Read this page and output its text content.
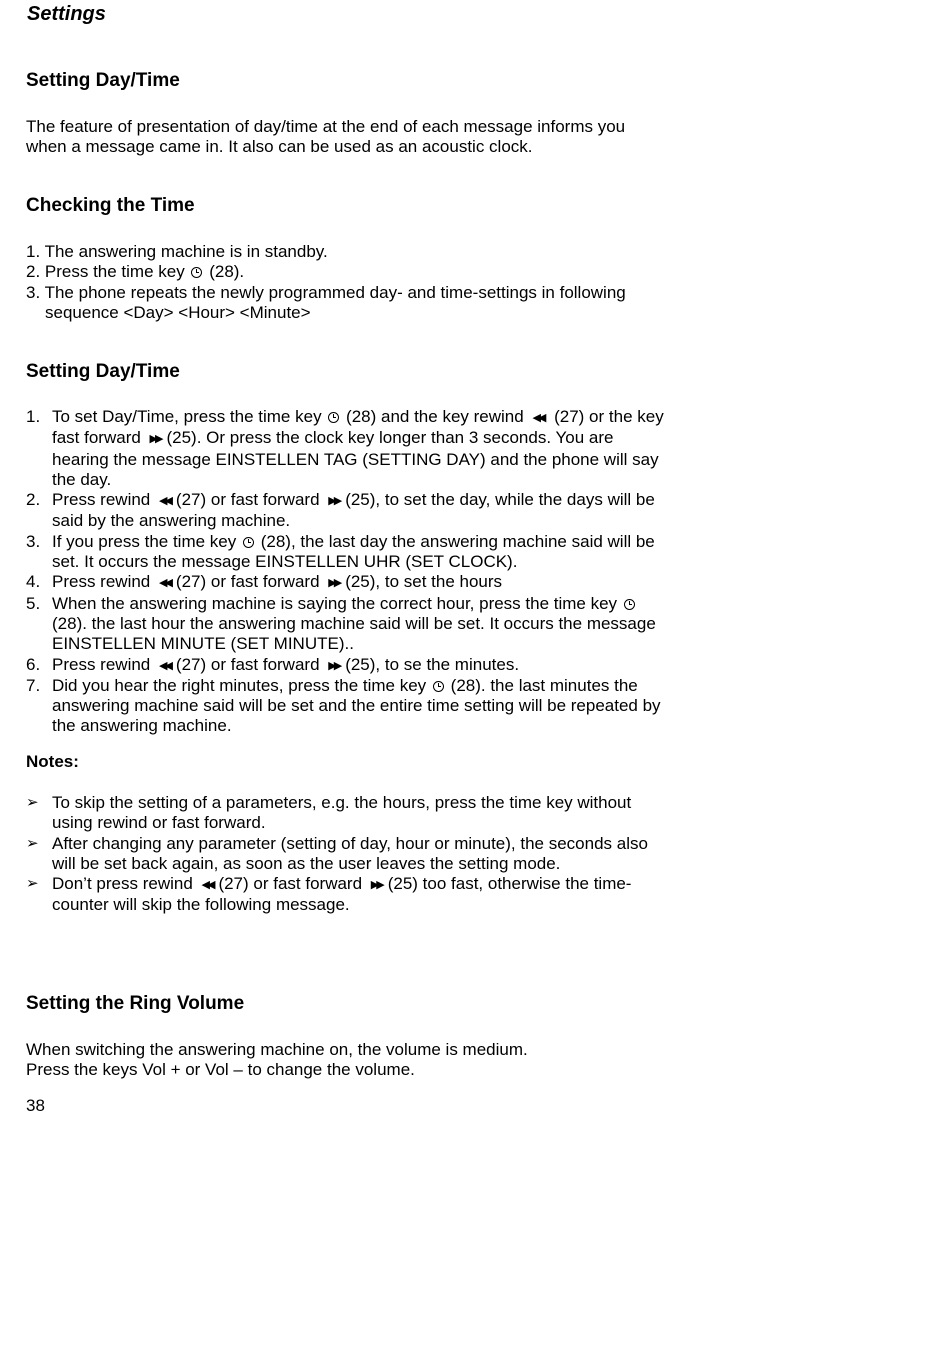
Settings
Setting Day/Time
The feature of presentation of day/time at the end of each message informs you
when a message came in. It also can be used as an acoustic clock.
Checking the Time
1. The answering machine is in standby.
2. Press the time key (28).
3. The phone repeats the newly programmed day- and time-settings in following
sequence <Day> <Hour> <Minute>
Setting Day/Time
1. To set Day/Time, press the time key (28) and the key rewind ◀◀ (27) or the key
fast forward ▶▶ (25). Or press the clock key longer than 3 seconds. You are
hearing the message EINSTELLEN TAG (SETTING DAY) and the phone will say
the day.
2. Press rewind ◀◀ (27) or fast forward ▶▶ (25), to set the day, while the days will be
said by the answering machine.
3. If you press the time key (28), the last day the answering machine said will be
set. It occurs the message EINSTELLEN UHR (SET CLOCK).
4. Press rewind ◀◀ (27) or fast forward ▶▶ (25), to set the hours
5. When the answering machine is saying the correct hour, press the time key
(28). the last hour the answering machine said will be set. It occurs the message
EINSTELLEN MINUTE (SET MINUTE)..
6. Press rewind ◀◀ (27) or fast forward ▶▶ (25), to se the minutes.
7. Did you hear the right minutes, press the time key (28). the last minutes the
answering machine said will be set and the entire time setting will be repeated by
the answering machine.
Notes:
➢ To skip the setting of a parameters, e.g. the hours, press the time key without
using rewind or fast forward.
➢ After changing any parameter (setting of day, hour or minute), the seconds also
will be set back again, as soon as the user leaves the setting mode.
➢ Don’t press rewind ◀◀ (27) or fast forward ▶▶ (25) too fast, otherwise the time-
counter will skip the following message.
Setting the Ring Volume
When switching the answering machine on, the volume is medium.
Press the keys Vol + or Vol – to change the volume.
38
